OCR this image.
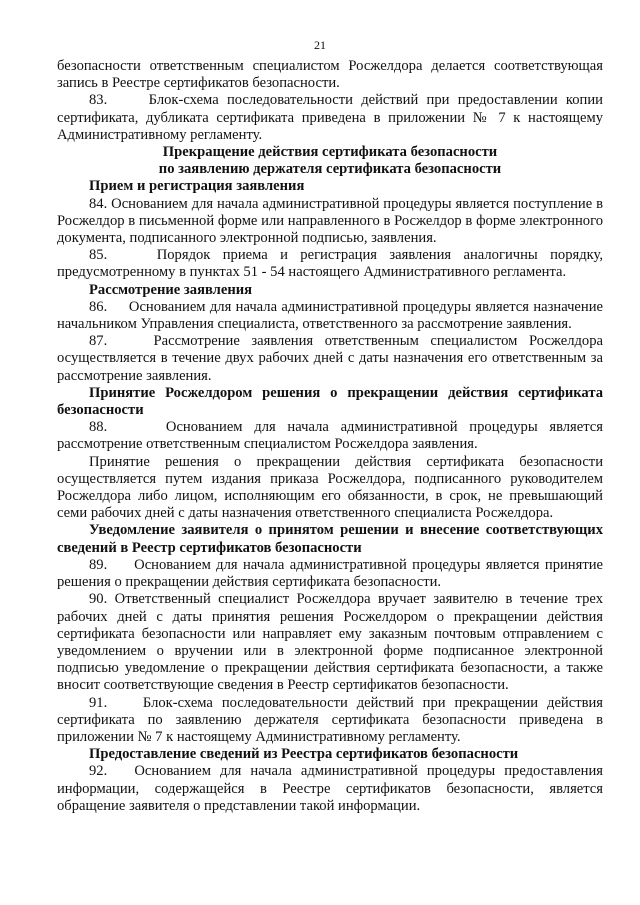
21

безопасности ответственным специалистом Росжелдора делается соответствующая запись в Реестре сертификатов безопасности.

83.     Блок-схема последовательности действий при предоставлении копии сертификата, дубликата сертификата приведена в приложении № 7 к настоящему Административному регламенту.

Прекращение действия сертификата безопасности

по заявлению держателя сертификата безопасности

Прием и регистрация заявления

84. Основанием для начала административной процедуры является поступление в Росжелдор в письменной форме или направленного в Росжелдор в форме электронного документа, подписанного электронной подписью, заявления.

85.    Порядок приема и регистрация заявления аналогичны порядку, предусмотренному в пунктах 51 - 54 настоящего Административного регламента.

Рассмотрение заявления

86.     Основанием для начала административной процедуры является назначение начальником Управления специалиста, ответственного за рассмотрение заявления.

87.    Рассмотрение заявления ответственным специалистом Росжелдора осуществляется в течение двух рабочих дней с даты назначения его ответственным за рассмотрение заявления.

Принятие Росжелдором решения о прекращении действия сертификата безопасности

88.     Основанием для начала административной процедуры является рассмотрение ответственным специалистом Росжелдора заявления.

Принятие решения о прекращении действия сертификата безопасности осуществляется путем издания приказа Росжелдора, подписанного руководителем Росжелдора либо лицом, исполняющим его обязанности, в срок, не превышающий семи рабочих дней с даты назначения ответственного специалиста Росжелдора.

Уведомление заявителя о принятом решении и внесение соответствующих сведений в Реестр сертификатов безопасности

89.     Основанием для начала административной процедуры является принятие решения о прекращении действия сертификата безопасности.

90. Ответственный специалист Росжелдора вручает заявителю в течение трех рабочих дней с даты принятия решения Росжелдором о прекращении действия сертификата безопасности или направляет ему заказным почтовым отправлением с уведомлением о вручении или в электронной форме подписанное электронной подписью уведомление о прекращении действия сертификата безопасности, а также вносит соответствующие сведения в Реестр сертификатов безопасности.

91.    Блок-схема последовательности действий при прекращении действия сертификата по заявлению держателя сертификата безопасности приведена в приложении № 7 к настоящему Административному регламенту.

Предоставление сведений из Реестра сертификатов безопасности

92.   Основанием для начала административной процедуры предоставления информации, содержащейся в Реестре сертификатов безопасности, является обращение заявителя о представлении такой информации.
